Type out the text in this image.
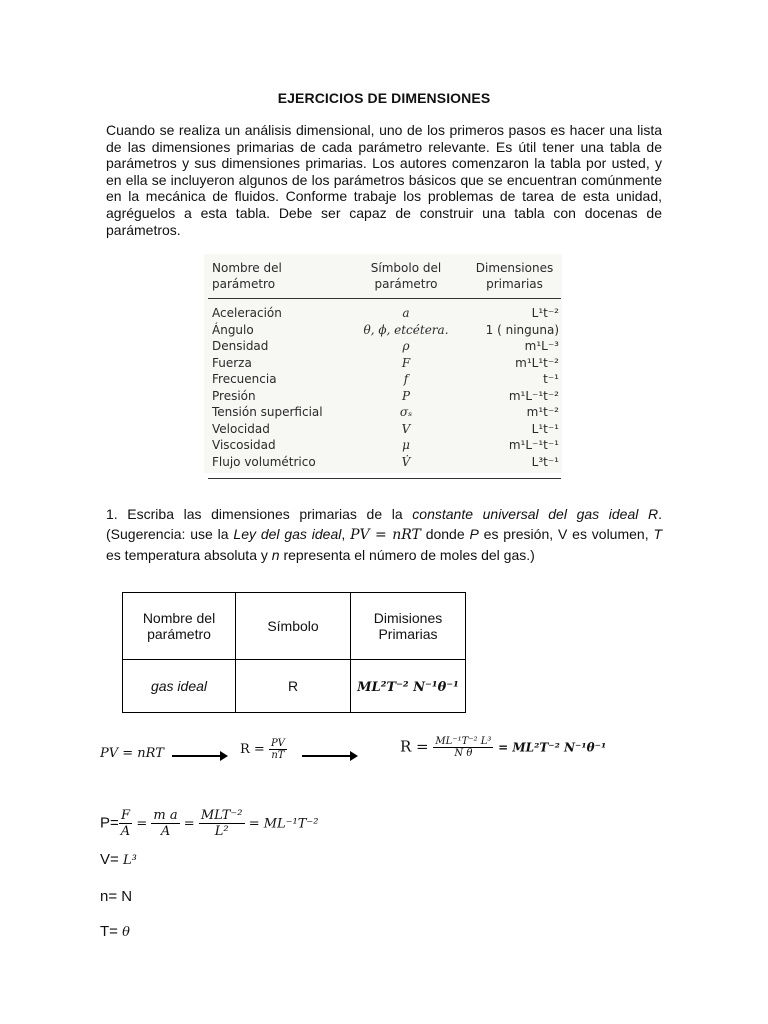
EJERCICIOS DE DIMENSIONES

Cuando se realiza un análisis dimensional, uno de los primeros pasos es hacer una lista de las dimensiones primarias de cada parámetro relevante. Es útil tener una tabla de parámetros y sus dimensiones primarias. Los autores comenzaron la tabla por usted, y en ella se incluyeron algunos de los parámetros básicos que se encuentran comúnmente en la mecánica de fluidos. Conforme trabaje los problemas de tarea de esta unidad, agréguelos a esta tabla. Debe ser capaz de construir una tabla con docenas de parámetros.

Nombre del parámetro	Símbolo del parámetro	Dimensiones primarias
Aceleración	a	L¹t⁻²
Ángulo	θ, ϕ, etcétera.	1 ( ninguna)
Densidad	ρ	m¹L⁻³
Fuerza	F	m¹L¹t⁻²
Frecuencia	f	t⁻¹
Presión	P	m¹L⁻¹t⁻²
Tensión superficial	σₛ	m¹t⁻²
Velocidad	V	L¹t⁻¹
Viscosidad	μ	m¹L⁻¹t⁻¹
Flujo volumétrico	V̇	L³t⁻¹

1. Escriba las dimensiones primarias de la constante universal del gas ideal R. (Sugerencia: use la Ley del gas ideal, PV = nRT donde P es presión, V es volumen, T es temperatura absoluta y n representa el número de moles del gas.)

Nombre del parámetro	Símbolo	Dimisiones Primarias
gas ideal	R	ML²T⁻² N⁻¹θ⁻¹
PV = nRT	$R = \frac{PV}{nT}$	$R = \frac{\text{ML⁻¹T⁻² L³}}{\text{N θ}} = ML^2T^{-2}$ N⁻¹θ⁻¹
$P= \frac{F}{A} = \frac{\text{m a}}{A} = \frac{\text{MLT⁻²}}{\text{L²}} = ML^{-1}T^{-2}$
V= L³
n= N
T= θ
